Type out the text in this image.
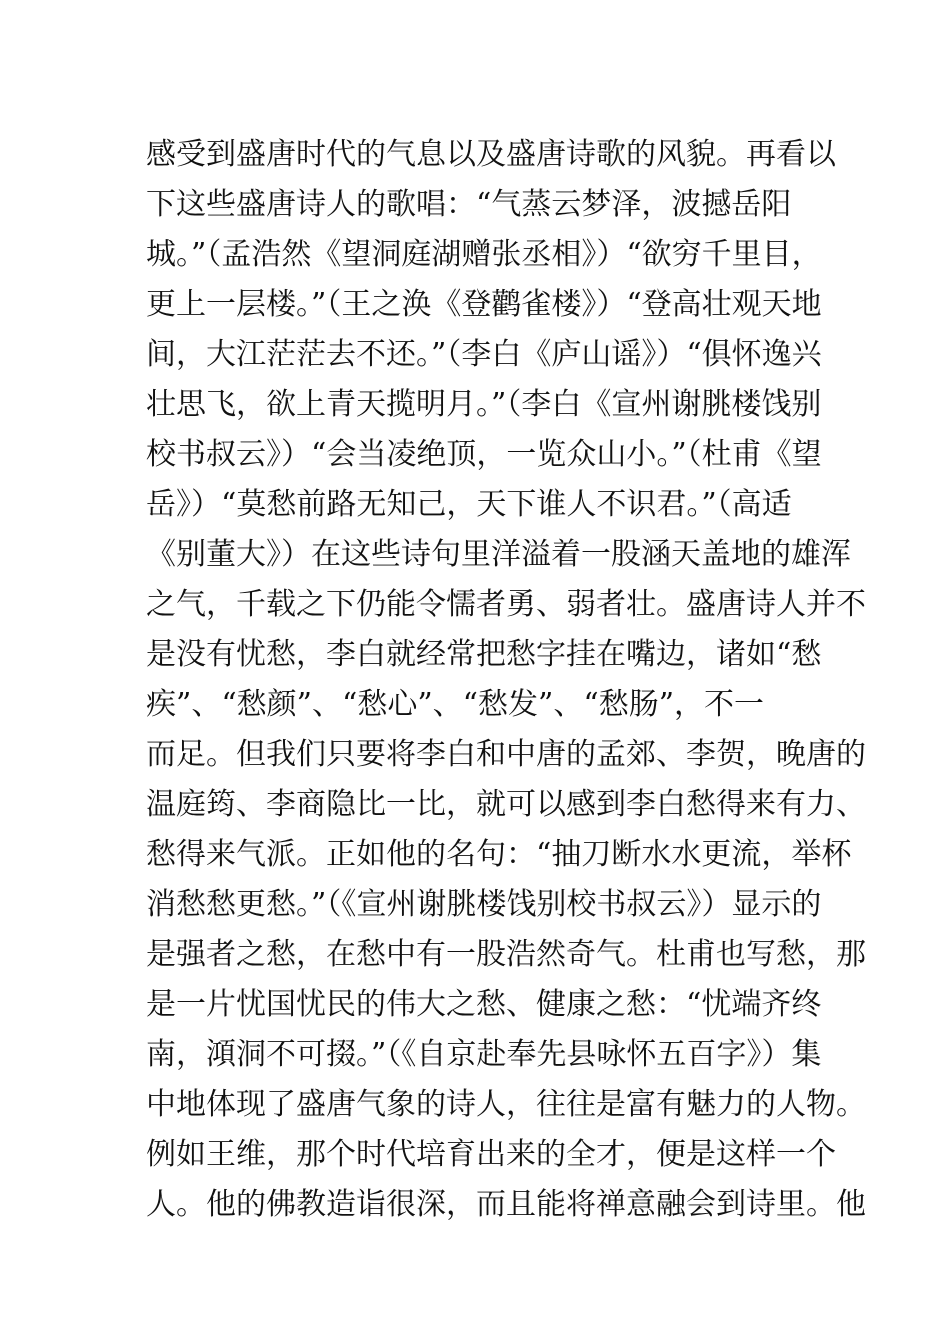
感受到盛唐时代的气息以及盛唐诗歌的风貌。再看以
下这些盛唐诗人的歌唱：“气蒸云梦泽，波撼岳阳
城。”（孟浩然《望洞庭湖赠张丞相》）“欲穷千里目，
更上一层楼。”（王之涣《登鹳雀楼》）“登高壮观天地
间，大江茫茫去不还。”（李白《庐山谣》）“俱怀逸兴
壮思飞，欲上青天揽明月。”（李白《宣州谢朓楼饯别
校书叔云》）“会当凌绝顶，一览众山小。”（杜甫《望
岳》）“莫愁前路无知己，天下谁人不识君。”（高适
《别董大》）在这些诗句里洋溢着一股涵天盖地的雄浑
之气，千载之下仍能令懦者勇、弱者壮。盛唐诗人并不
是没有忧愁，李白就经常把愁字挂在嘴边，诸如“愁
疾”、“愁颜”、“愁心”、“愁发”、“愁肠”，不一
而足。但我们只要将李白和中唐的孟郊、李贺，晚唐的
温庭筠、李商隐比一比，就可以感到李白愁得来有力、
愁得来气派。正如他的名句：“抽刀断水水更流，举杯
消愁愁更愁。”（《宣州谢朓楼饯别校书叔云》）显示的
是强者之愁，在愁中有一股浩然奇气。杜甫也写愁，那
是一片忧国忧民的伟大之愁、健康之愁：“忧端齐终
南，澒洞不可掇。”（《自京赴奉先县咏怀五百字》）集
中地体现了盛唐气象的诗人，往往是富有魅力的人物。
例如王维，那个时代培育出来的全才，便是这样一个
人。他的佛教造诣很深，而且能将禅意融会到诗里。他
